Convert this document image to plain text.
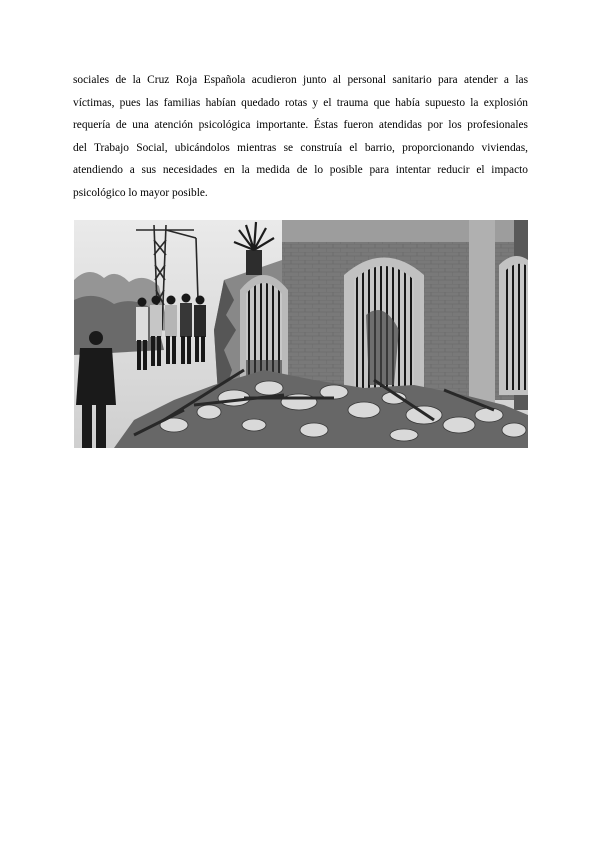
sociales de la Cruz Roja Española acudieron junto al personal sanitario para atender a las
víctimas, pues las familias habían quedado rotas y el trauma que había supuesto la explosión
requería de una atención psicológica importante. Éstas fueron atendidas por los profesionales
del Trabajo Social, ubicándolos mientras se construía el barrio, proporcionando viviendas,
atendiendo a sus necesidades en la medida de lo posible para intentar reducir el impacto
psicológico lo mayor posible.
